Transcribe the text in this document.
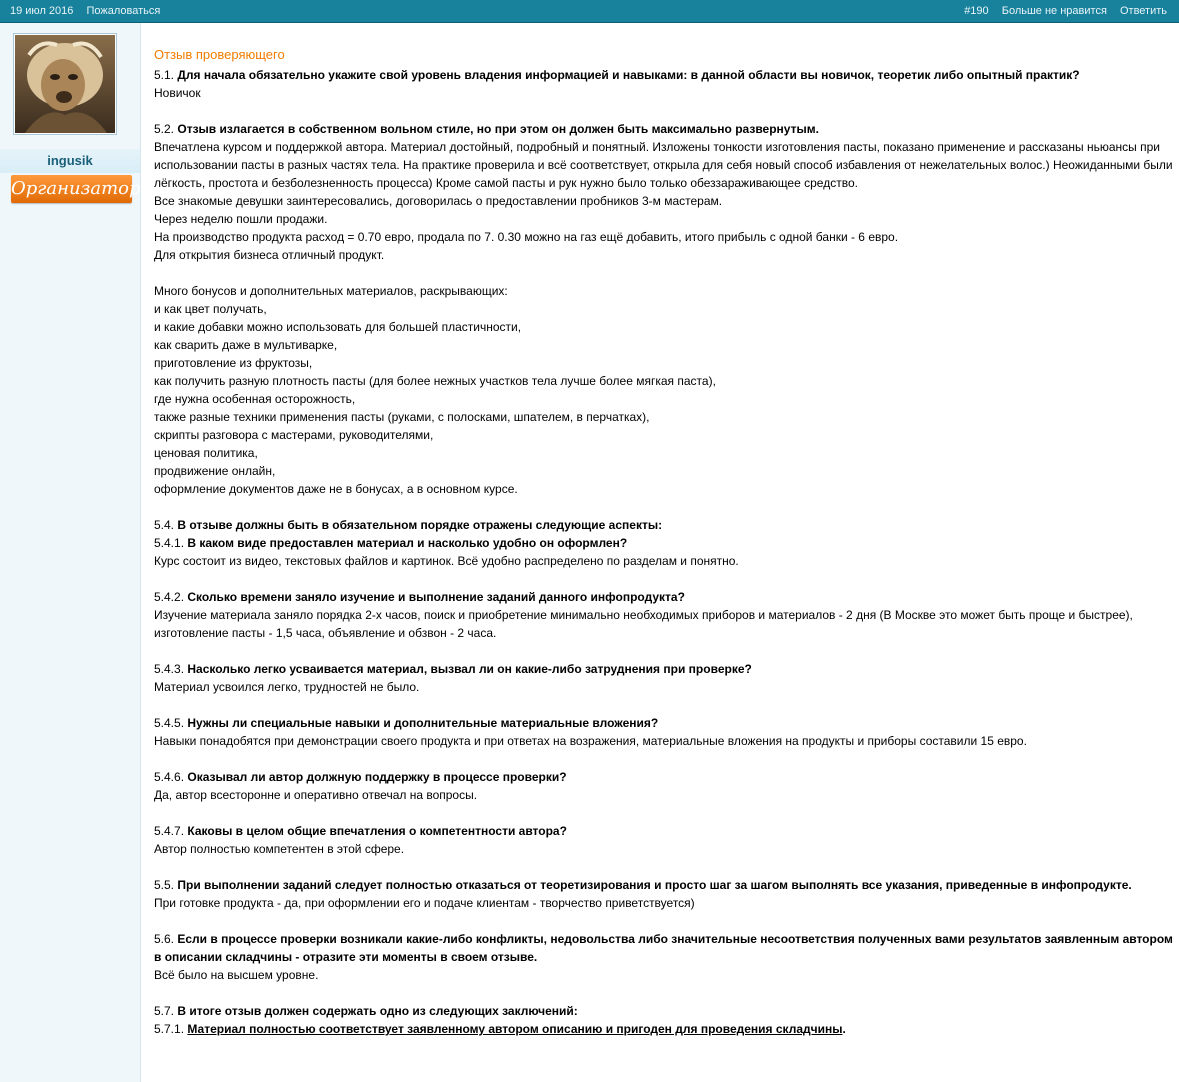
19 июл 2016 Пожаловаться	#190 Больше не нравится Ответить
ingusik
Организатор
Отзыв проверяющего

5.1. Для начала обязательно укажите свой уровень владения информацией и навыками: в данной области вы новичок, теоретик либо опытный практик?

Новичок

5.2. Отзыв излагается в собственном вольном стиле, но при этом он должен быть максимально развернутым.

Впечатлена курсом и поддержкой автора. Материал достойный, подробный и понятный. Изложены тонкости изготовления пасты, показано применение и рассказаны ньюансы при использовании пасты в разных частях тела. На практике проверила и всё соответствует, открыла для себя новый способ избавления от нежелательных волос.) Неожиданными были лёгкость, простота и безболезненность процесса) Кроме самой пасты и рук нужно было только обеззараживающее средство.

Все знакомые девушки заинтересовались, договорилась о предоставлении пробников 3-м мастерам.

Через неделю пошли продажи.

На производство продукта расход = 0.70 евро, продала по 7. 0.30 можно на газ ещё добавить, итого прибыль с одной банки - 6 евро.

Для открытия бизнеса отличный продукт.

Много бонусов и дополнительных материалов, раскрывающих:

и как цвет получать,

и какие добавки можно использовать для большей пластичности,

как сварить даже в мультиварке,

приготовление из фруктозы,

как получить разную плотность пасты (для более нежных участков тела лучше более мягкая паста),

где нужна особенная осторожность,

также разные техники применения пасты (руками, с полосками, шпателем, в перчатках),

скрипты разговора с мастерами, руководителями,

ценовая политика,

продвижение онлайн,

оформление документов даже не в бонусах, а в основном курсе.

5.4. В отзыве должны быть в обязательном порядке отражены следующие аспекты:

5.4.1. В каком виде предоставлен материал и насколько удобно он оформлен?

Курс состоит из видео, текстовых файлов и картинок. Всё удобно распределено по разделам и понятно.

5.4.2. Сколько времени заняло изучение и выполнение заданий данного инфопродукта?

Изучение материала заняло порядка 2-х часов, поиск и приобретение минимально необходимых приборов и материалов - 2 дня (В Москве это может быть проще и быстрее), изготовление пасты - 1,5 часа, объявление и обзвон - 2 часа.

5.4.3. Насколько легко усваивается материал, вызвал ли он какие-либо затруднения при проверке?

Материал усвоился легко, трудностей не было.

5.4.5. Нужны ли специальные навыки и дополнительные материальные вложения?

Навыки понадобятся при демонстрации своего продукта и при ответах на возражения, материальные вложения на продукты и приборы составили 15 евро.

5.4.6. Оказывал ли автор должную поддержку в процессе проверки?

Да, автор всесторонне и оперативно отвечал на вопросы.

5.4.7. Каковы в целом общие впечатления о компетентности автора?

Автор полностью компетентен в этой сфере.

5.5. При выполнении заданий следует полностью отказаться от теоретизирования и просто шаг за шагом выполнять все указания, приведенные в инфопродукте.

При готовке продукта - да, при оформлении его и подаче клиентам - творчество приветствуется)

5.6. Если в процессе проверки возникали какие-либо конфликты, недовольства либо значительные несоответствия полученных вами результатов заявленным автором в описании складчины - отразите эти моменты в своем отзыве.

Всё было на высшем уровне.

5.7. В итоге отзыв должен содержать одно из следующих заключений:

5.7.1. Материал полностью соответствует заявленному автором описанию и пригоден для проведения складчины.
